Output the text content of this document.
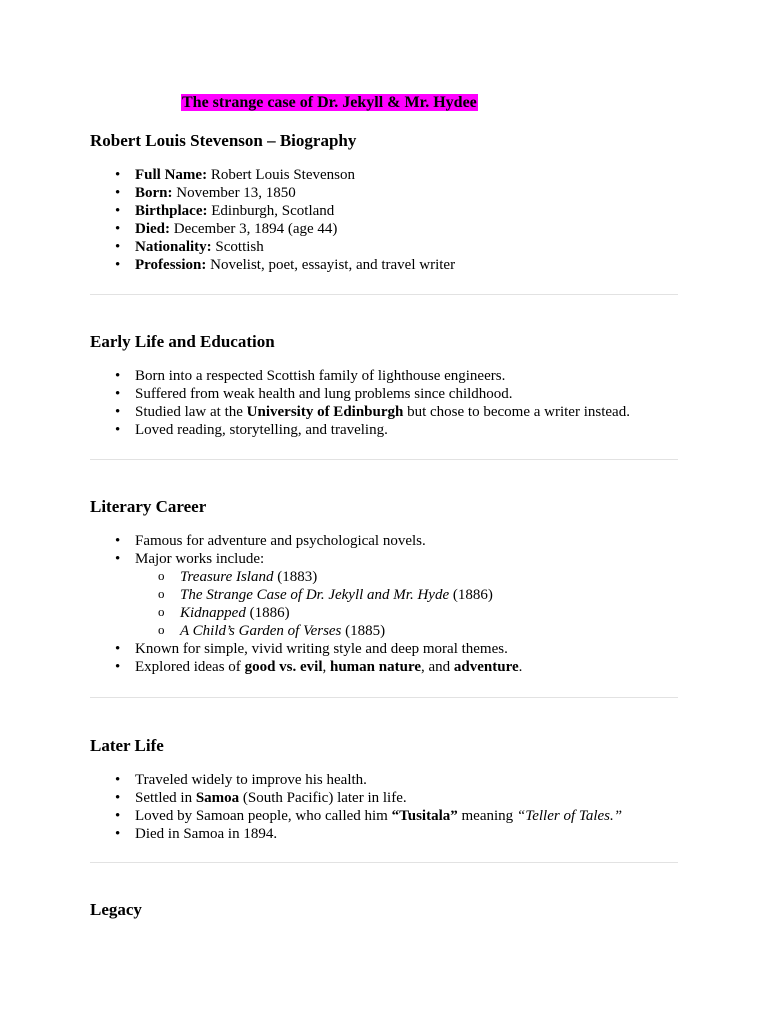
The strange case of Dr. Jekyll & Mr. Hydee
Robert Louis Stevenson – Biography
• Full Name: Robert Louis Stevenson
• Born: November 13, 1850
• Birthplace: Edinburgh, Scotland
• Died: December 3, 1894 (age 44)
• Nationality: Scottish
• Profession: Novelist, poet, essayist, and travel writer
Early Life and Education
• Born into a respected Scottish family of lighthouse engineers.
• Suffered from weak health and lung problems since childhood.
• Studied law at the University of Edinburgh but chose to become a writer instead.
• Loved reading, storytelling, and traveling.
Literary Career
• Famous for adventure and psychological novels.
• Major works include:
o Treasure Island (1883)
o The Strange Case of Dr. Jekyll and Mr. Hyde (1886)
o Kidnapped (1886)
o A Child’s Garden of Verses (1885)
• Known for simple, vivid writing style and deep moral themes.
• Explored ideas of good vs. evil, human nature, and adventure.
Later Life
• Traveled widely to improve his health.
• Settled in Samoa (South Pacific) later in life.
• Loved by Samoan people, who called him “Tusitala” meaning “Teller of Tales.”
• Died in Samoa in 1894.
Legacy
